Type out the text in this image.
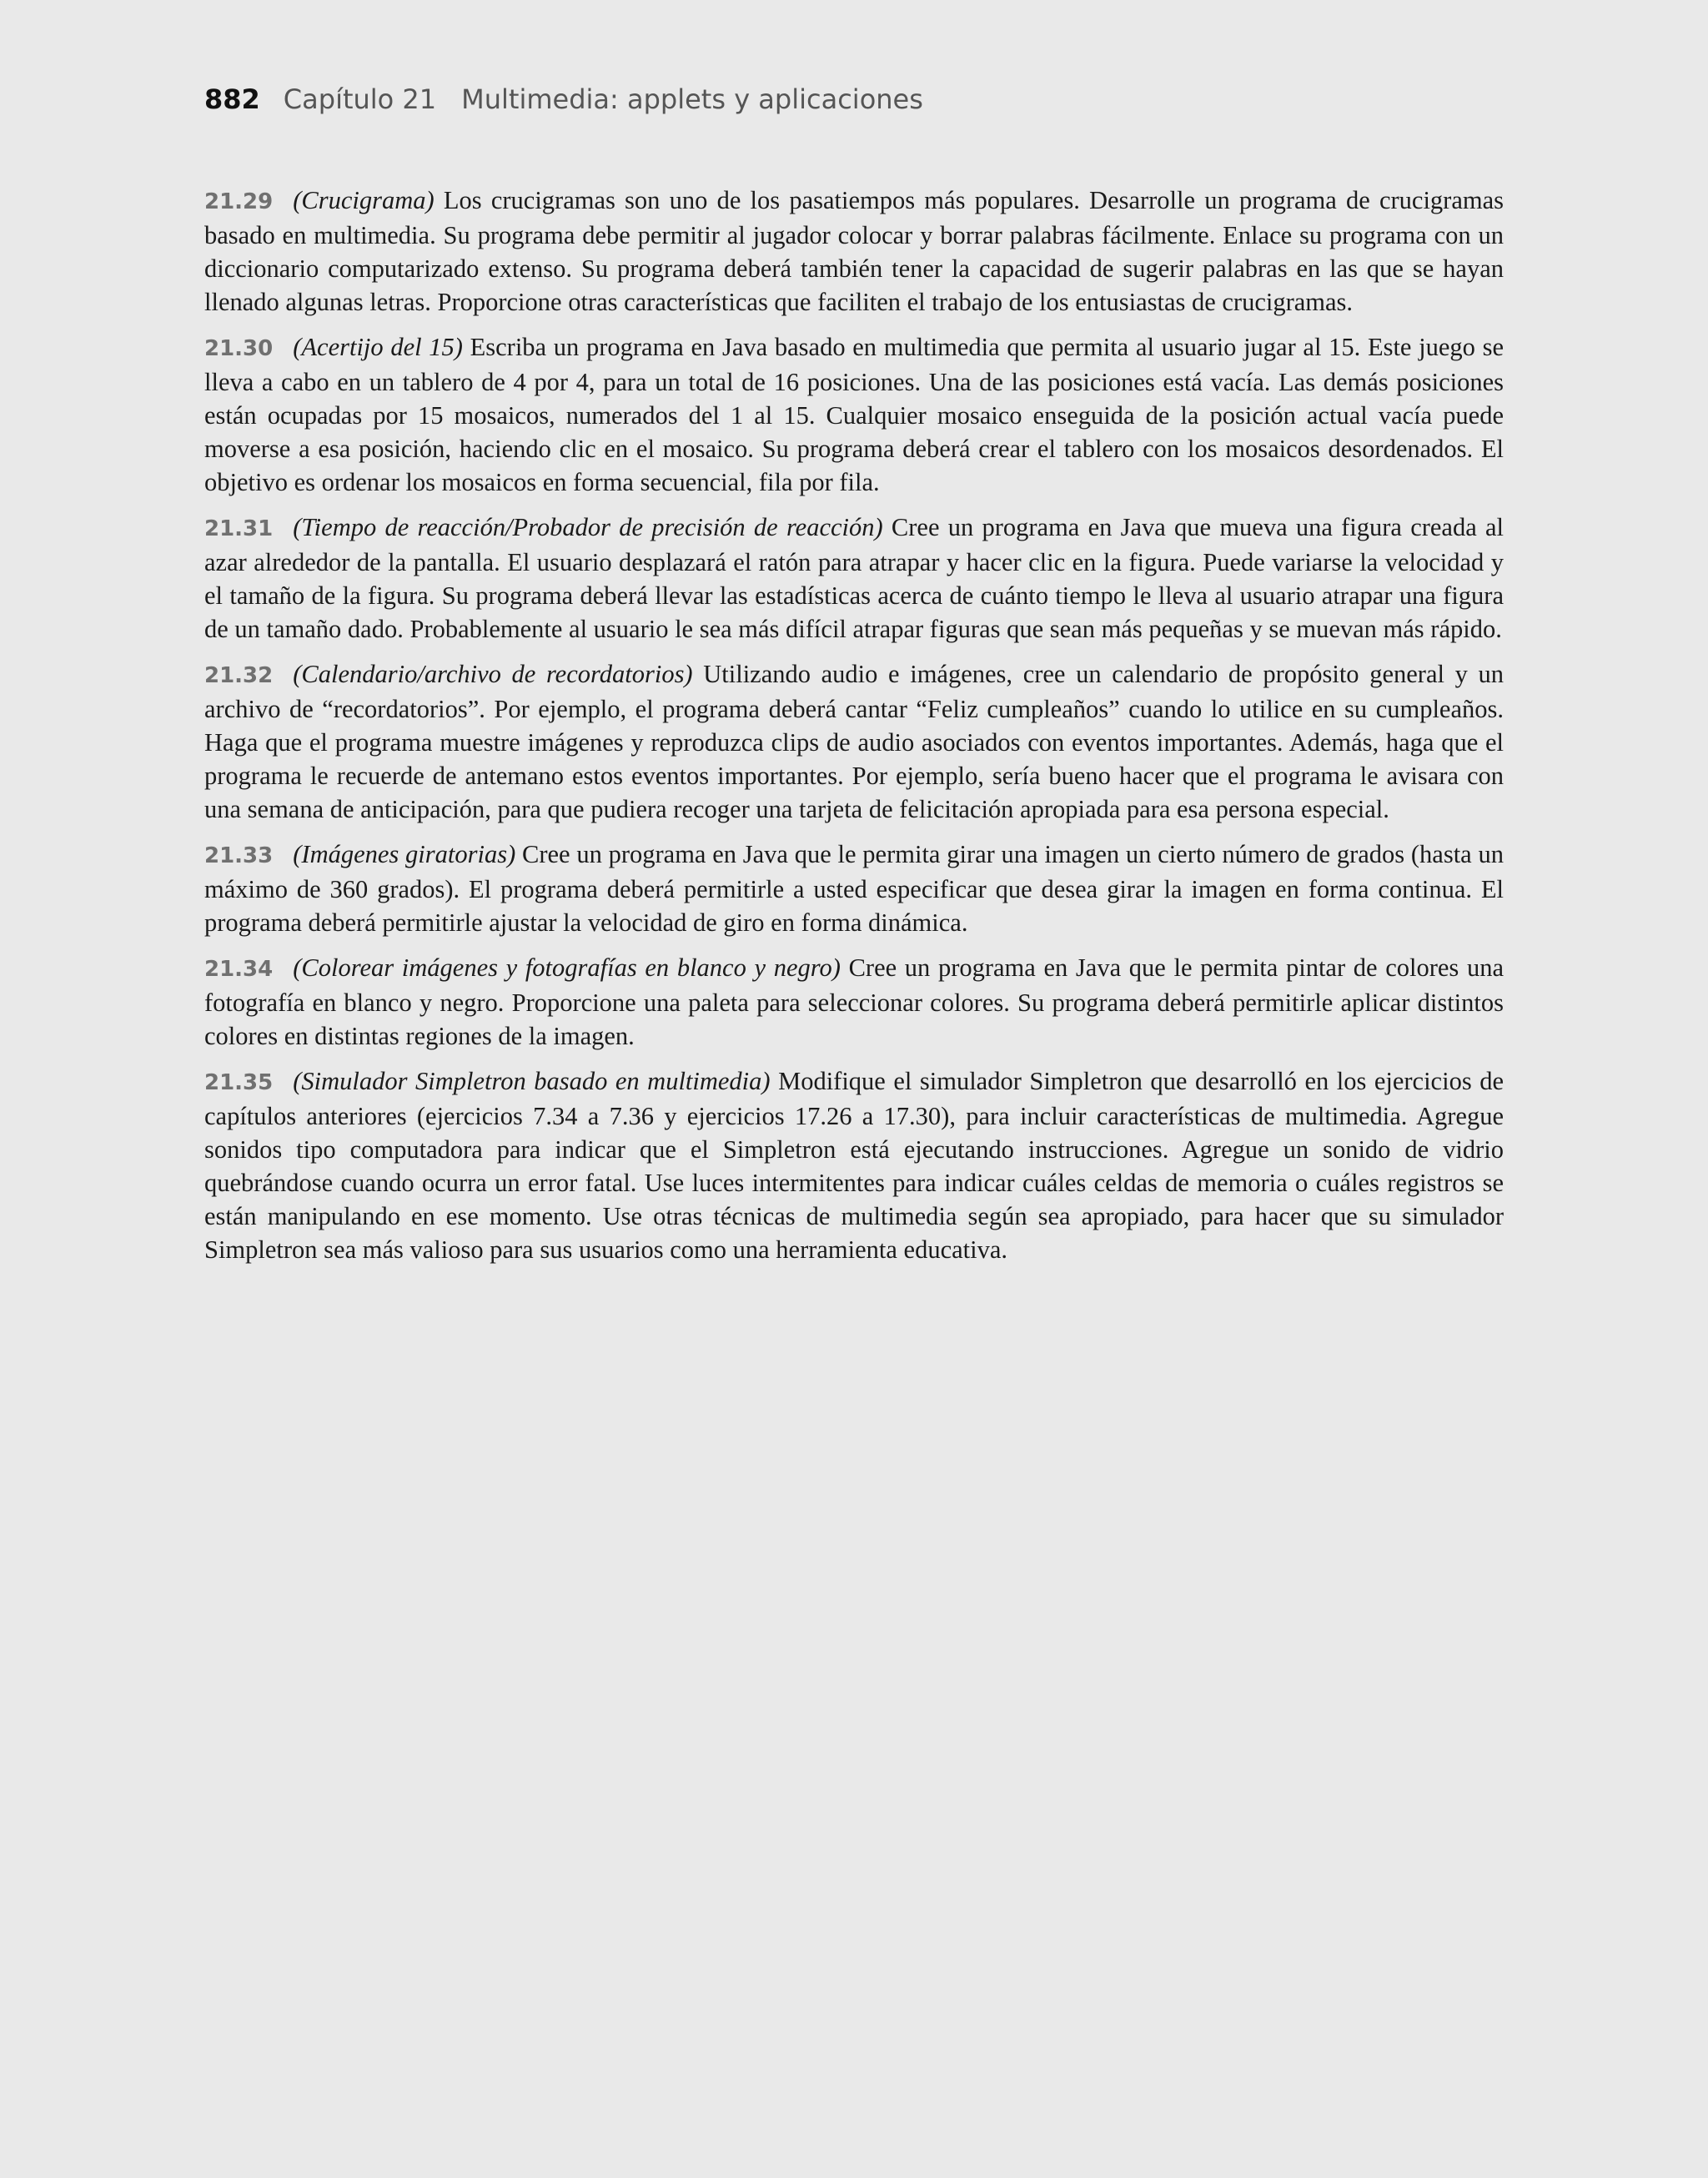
882 Capítulo 21 Multimedia: applets y aplicaciones

21.29 (Crucigrama) Los crucigramas son uno de los pasatiempos más populares. Desarrolle un programa de crucigramas basado en multimedia. Su programa debe permitir al jugador colocar y borrar palabras fácilmente. Enlace su programa con un diccionario computarizado extenso. Su programa deberá también tener la capacidad de sugerir palabras en las que se hayan llenado algunas letras. Proporcione otras características que faciliten el trabajo de los entusiastas de crucigramas.

21.30 (Acertijo del 15) Escriba un programa en Java basado en multimedia que permita al usuario jugar al 15. Este juego se lleva a cabo en un tablero de 4 por 4, para un total de 16 posiciones. Una de las posiciones está vacía. Las demás posiciones están ocupadas por 15 mosaicos, numerados del 1 al 15. Cualquier mosaico enseguida de la posición actual vacía puede moverse a esa posición, haciendo clic en el mosaico. Su programa deberá crear el tablero con los mosaicos desordenados. El objetivo es ordenar los mosaicos en forma secuencial, fila por fila.

21.31 (Tiempo de reacción/Probador de precisión de reacción) Cree un programa en Java que mueva una figura creada al azar alrededor de la pantalla. El usuario desplazará el ratón para atrapar y hacer clic en la figura. Puede variarse la velocidad y el tamaño de la figura. Su programa deberá llevar las estadísticas acerca de cuánto tiempo le lleva al usuario atrapar una figura de un tamaño dado. Probablemente al usuario le sea más difícil atrapar figuras que sean más pequeñas y se muevan más rápido.

21.32 (Calendario/archivo de recordatorios) Utilizando audio e imágenes, cree un calendario de propósito general y un archivo de “recordatorios”. Por ejemplo, el programa deberá cantar “Feliz cumpleaños” cuando lo utilice en su cumpleaños. Haga que el programa muestre imágenes y reproduzca clips de audio asociados con eventos importantes. Además, haga que el programa le recuerde de antemano estos eventos importantes. Por ejemplo, sería bueno hacer que el programa le avisara con una semana de anticipación, para que pudiera recoger una tarjeta de felicitación apropiada para esa persona especial.

21.33 (Imágenes giratorias) Cree un programa en Java que le permita girar una imagen un cierto número de grados (hasta un máximo de 360 grados). El programa deberá permitirle a usted especificar que desea girar la imagen en forma continua. El programa deberá permitirle ajustar la velocidad de giro en forma dinámica.

21.34 (Colorear imágenes y fotografías en blanco y negro) Cree un programa en Java que le permita pintar de colores una fotografía en blanco y negro. Proporcione una paleta para seleccionar colores. Su programa deberá permitirle aplicar distintos colores en distintas regiones de la imagen.

21.35 (Simulador Simpletron basado en multimedia) Modifique el simulador Simpletron que desarrolló en los ejercicios de capítulos anteriores (ejercicios 7.34 a 7.36 y ejercicios 17.26 a 17.30), para incluir características de multimedia. Agregue sonidos tipo computadora para indicar que el Simpletron está ejecutando instrucciones. Agregue un sonido de vidrio quebrándose cuando ocurra un error fatal. Use luces intermitentes para indicar cuáles celdas de memoria o cuáles registros se están manipulando en ese momento. Use otras técnicas de multimedia según sea apropiado, para hacer que su simulador Simpletron sea más valioso para sus usuarios como una herramienta educativa.
